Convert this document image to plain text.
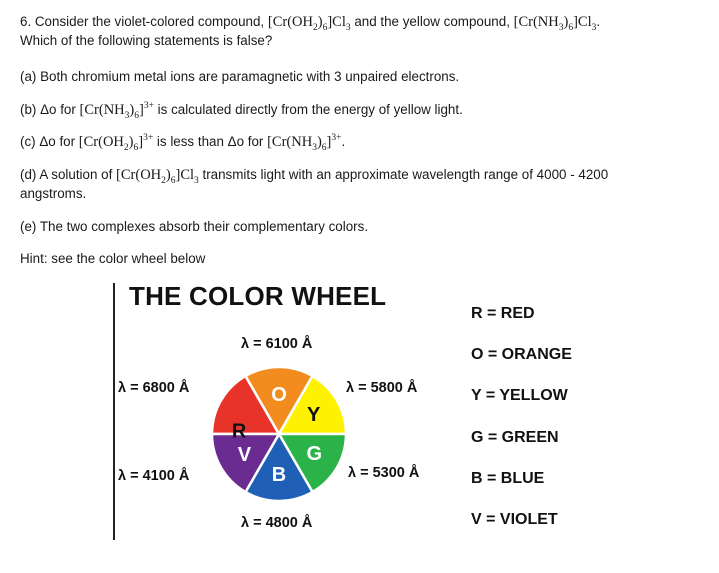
6. Consider the violet-colored compound, $[Cr(OH_2)_6]Cl_3$ and the yellow compound, $[Cr(NH_3)_6]Cl_3$.

Which of the following statements is false?

(a) Both chromium metal ions are paramagnetic with 3 unpaired electrons.

(b) Δo for $[Cr(NH_3)_6]^{3+}$ is calculated directly from the energy of yellow light.

(c) Δo for $[Cr(OH_2)_6]^{3+}$ is less than Δo for $[Cr(NH_3)_6]^{3+}$.

(d) A solution of $[Cr(OH_2)_6]Cl_3$ transmits light with an approximate wavelength range of 4000 - 4200

angstroms.

(e) The two complexes absorb their complementary colors.

Hint: see the color wheel below

THE COLOR WHEEL
λ = 6100 Å
λ = 6800 Å	λ = 5800 Å
λ = 4100 Å	λ = 5300 Å
λ = 4800 Å
R
O
Y
G
B
V
R = RED
O = ORANGE
Y = YELLOW
G = GREEN
B = BLUE
V = VIOLET
